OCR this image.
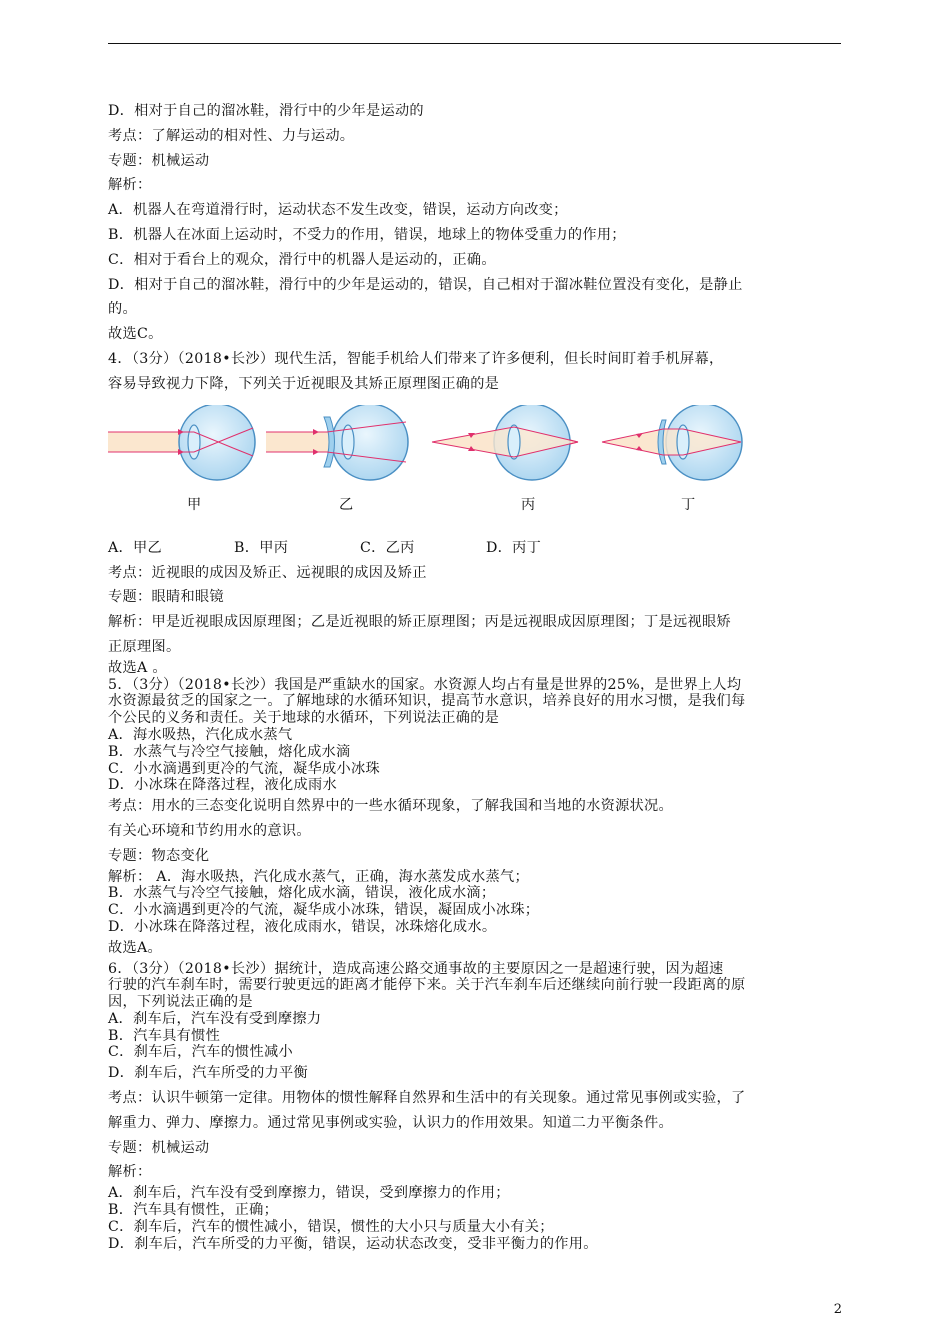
D．相对于自己的溜冰鞋，滑行中的少年是运动的
考点：了解运动的相对性、力与运动。
专题：机械运动
解析：
A．机器人在弯道滑行时，运动状态不发生改变，错误，运动方向改变；
B．机器人在冰面上运动时，不受力的作用，错误，地球上的物体受重力的作用；
C．相对于看台上的观众，滑行中的机器人是运动的，正确。
D．相对于自己的溜冰鞋，滑行中的少年是运动的，错误，自己相对于溜冰鞋位置没有变化，是静止
的。
故选C。
4．（3分）（2018•长沙）现代生活，智能手机给人们带来了许多便利，但长时间盯着手机屏幕，
容易导致视力下降，下列关于近视眼及其矫正原理图正确的是
甲	乙	丙	丁
A．甲乙	B．甲丙	C．乙丙	D．丙丁
考点：近视眼的成因及矫正、远视眼的成因及矫正
专题：眼睛和眼镜
解析：甲是近视眼成因原理图；乙是近视眼的矫正原理图；丙是远视眼成因原理图；丁是远视眼矫
正原理图。
故选A 。
5．（3分）（2018•长沙）我国是严重缺水的国家。水资源人均占有量是世界的25%，是世界上人均
水资源最贫乏的国家之一。了解地球的水循环知识，提高节水意识，培养良好的用水习惯，是我们每
个公民的义务和责任。关于地球的水循环，下列说法正确的是
A．海水吸热，汽化成水蒸气
B．水蒸气与冷空气接触，熔化成水滴
C．小水滴遇到更冷的气流，凝华成小冰珠
D．小冰珠在降落过程，液化成雨水
考点：用水的三态变化说明自然界中的一些水循环现象，了解我国和当地的水资源状况。
有关心环境和节约用水的意识。
专题：物态变化
解析： A．海水吸热，汽化成水蒸气，正确，海水蒸发成水蒸气；
B．水蒸气与冷空气接触，熔化成水滴，错误，液化成水滴；
C．小水滴遇到更冷的气流，凝华成小冰珠，错误，凝固成小冰珠；
D．小冰珠在降落过程，液化成雨水，错误，冰珠熔化成水。
故选A。
6．（3分）（2018•长沙）据统计，造成高速公路交通事故的主要原因之一是超速行驶，因为超速
行驶的汽车刹车时，需要行驶更远的距离才能停下来。关于汽车刹车后还继续向前行驶一段距离的原
因，下列说法正确的是
A．刹车后，汽车没有受到摩擦力
B．汽车具有惯性
C．刹车后，汽车的惯性减小
D．刹车后，汽车所受的力平衡
考点：认识牛顿第一定律。用物体的惯性解释自然界和生活中的有关现象。通过常见事例或实验，了
解重力、弹力、摩擦力。通过常见事例或实验，认识力的作用效果。知道二力平衡条件。
专题：机械运动
解析：
A．刹车后，汽车没有受到摩擦力，错误，受到摩擦力的作用；
B．汽车具有惯性，正确；
C．刹车后，汽车的惯性减小，错误，惯性的大小只与质量大小有关；
D．刹车后，汽车所受的力平衡，错误，运动状态改变，受非平衡力的作用。
2
